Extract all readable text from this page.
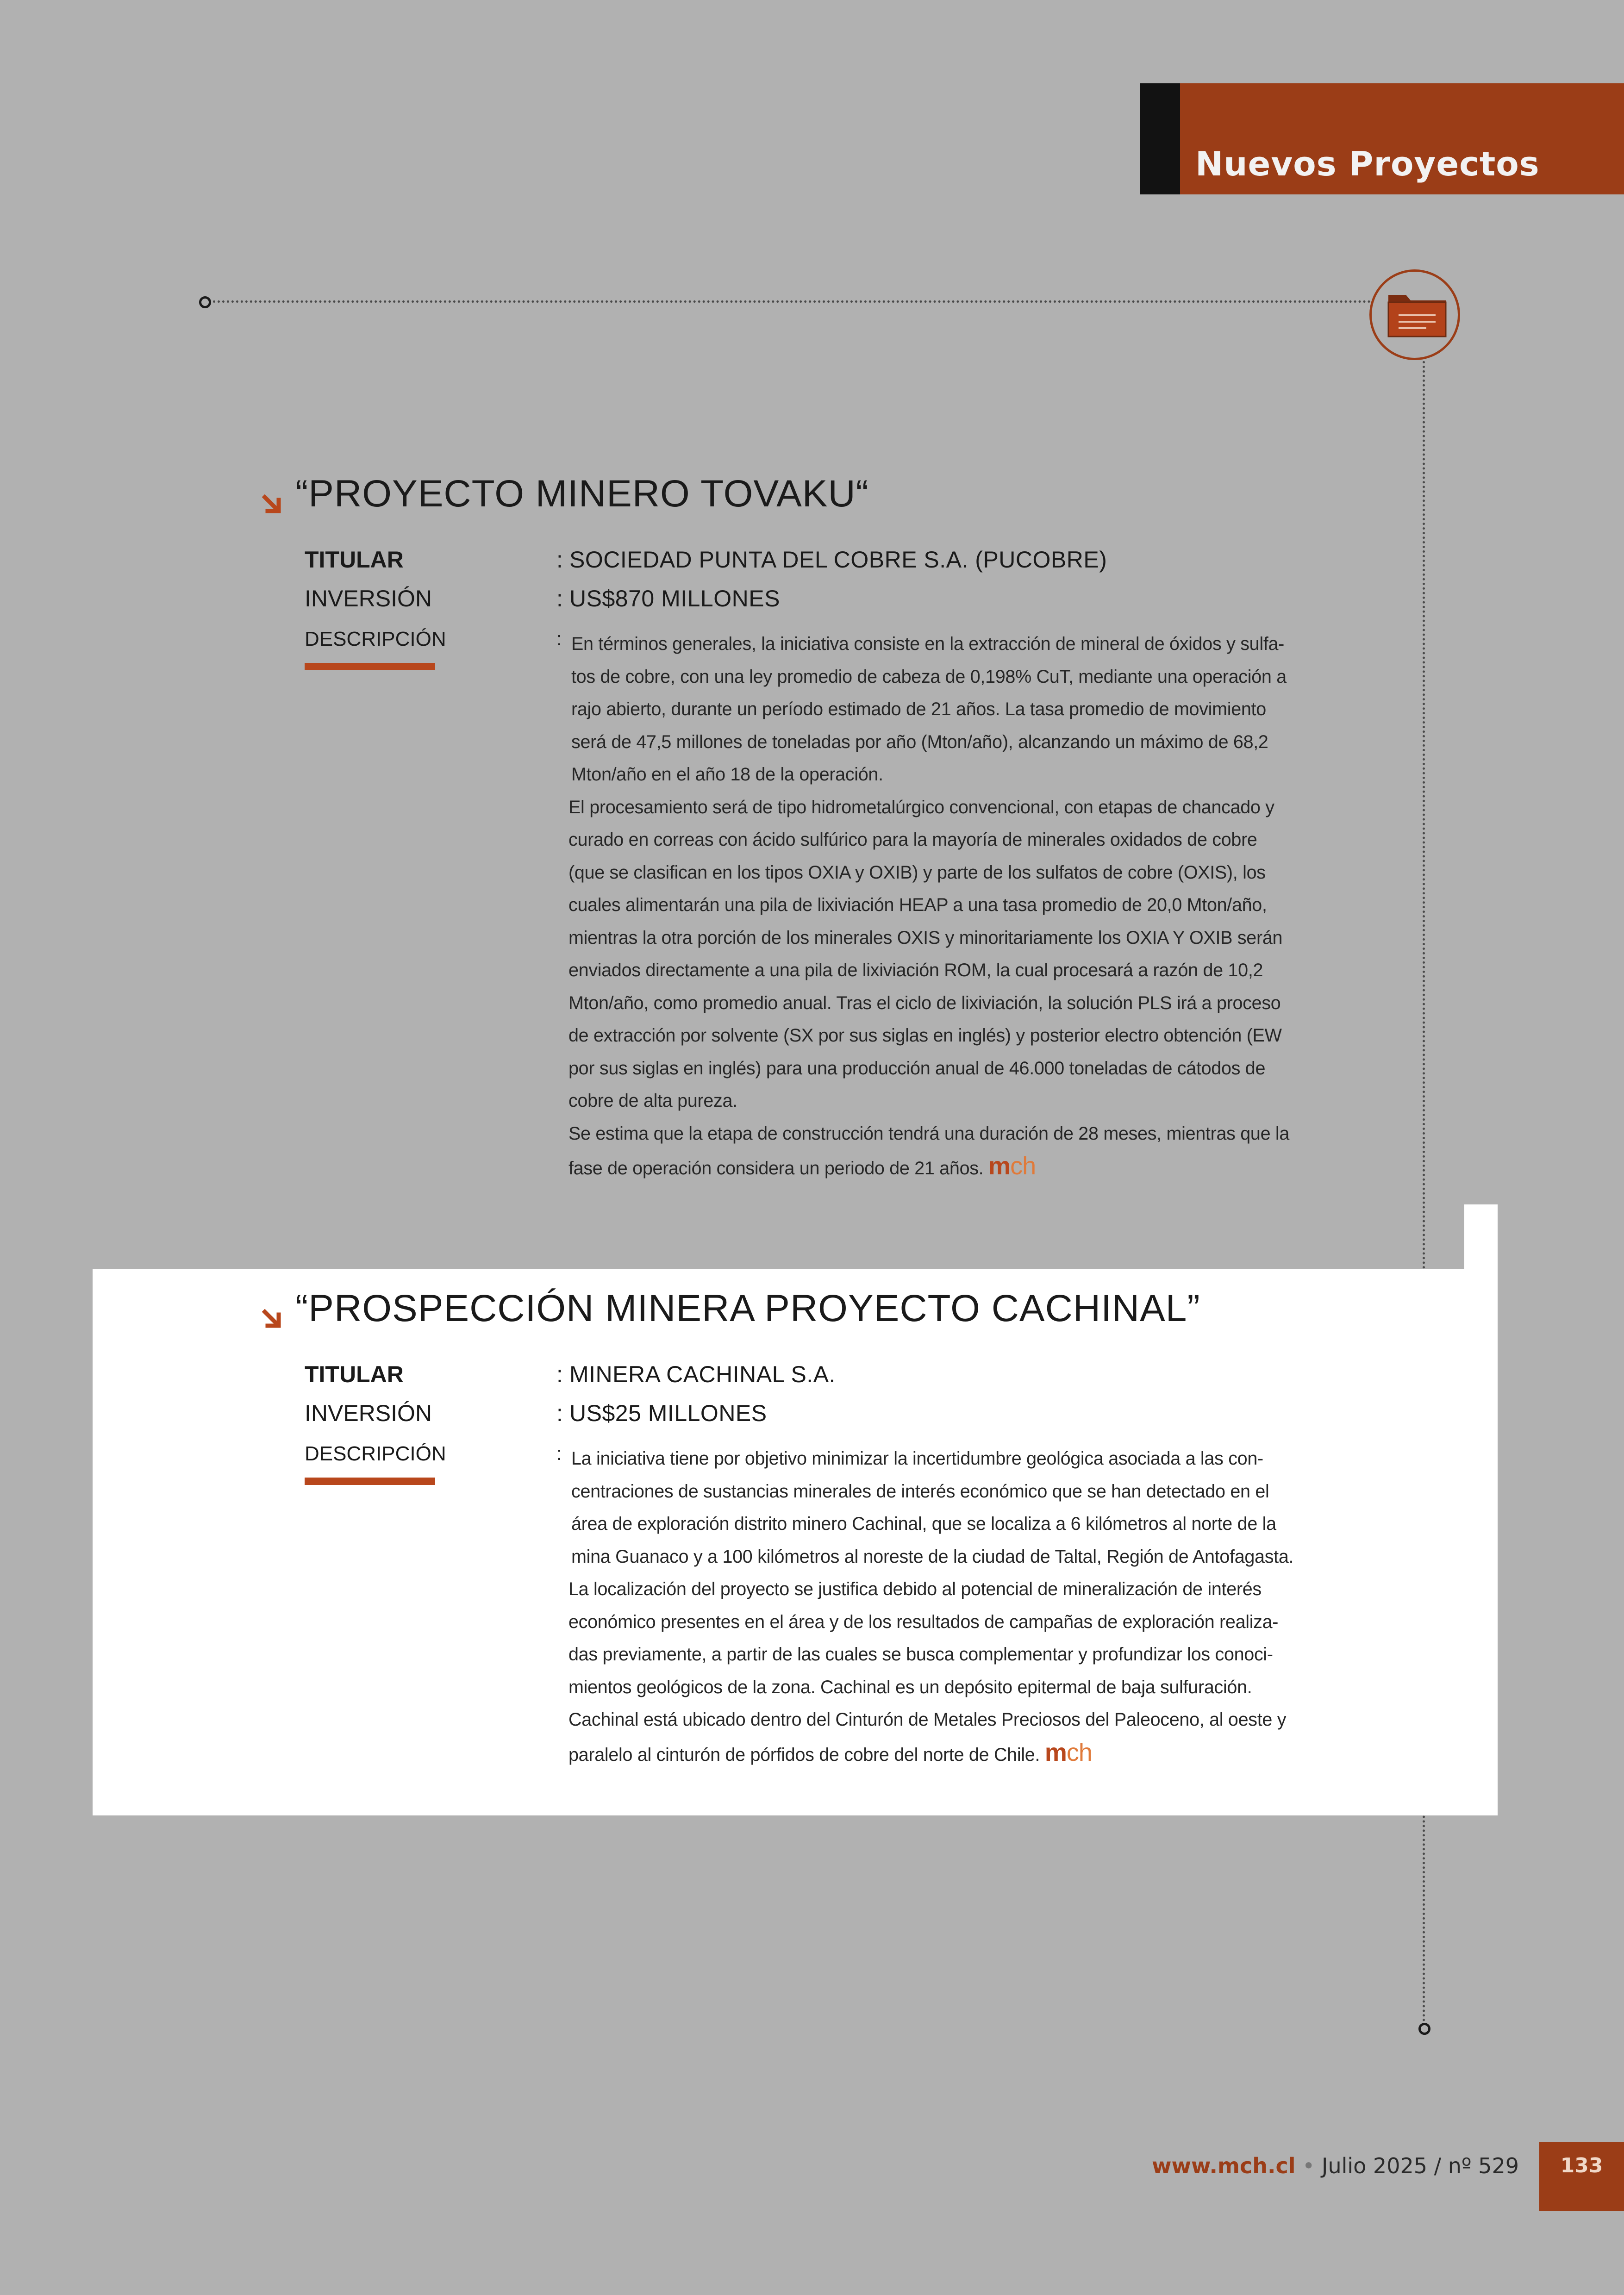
Nuevos Proyectos
“PROYECTO MINERO TOVAKU“
TITULAR	: SOCIEDAD PUNTA DEL COBRE S.A. (PUCOBRE)
INVERSIÓN	: US$870 MILLONES
DESCRIPCIÓN	: En términos generales, la iniciativa consiste en la extracción de mineral de óxidos y sulfa- tos de cobre, con una ley promedio de cabeza de 0,198% CuT, mediante una operación a rajo abierto, durante un período estimado de 21 años. La tasa promedio de movimiento será de 47,5 millones de toneladas por año (Mton/año), alcanzando un máximo de 68,2 Mton/año en el año 18 de la operación.

El procesamiento será de tipo hidrometalúrgico convencional, con etapas de chancado y curado en correas con ácido sulfúrico para la mayoría de minerales oxidados de cobre (que se clasifican en los tipos OXIA y OXIB) y parte de los sulfatos de cobre (OXIS), los cuales alimentarán una pila de lixiviación HEAP a una tasa promedio de 20,0 Mton/año, mientras la otra porción de los minerales OXIS y minoritariamente los OXIA Y OXIB serán enviados directamente a una pila de lixiviación ROM, la cual procesará a razón de 10,2 Mton/año, como promedio anual. Tras el ciclo de lixiviación, la solución PLS irá a proceso de extracción por solvente (SX por sus siglas en inglés) y posterior electro obtención (EW por sus siglas en inglés) para una producción anual de 46.000 toneladas de cátodos de cobre de alta pureza.

Se estima que la etapa de construcción tendrá una duración de 28 meses, mientras que la fase de operación considera un periodo de 21 años. mch

“PROSPECCIÓN MINERA PROYECTO CACHINAL”
TITULAR	: MINERA CACHINAL S.A.
INVERSIÓN	: US$25 MILLONES
DESCRIPCIÓN	: La iniciativa tiene por objetivo minimizar la incertidumbre geológica asociada a las con- centraciones de sustancias minerales de interés económico que se han detectado en el área de exploración distrito minero Cachinal, que se localiza a 6 kilómetros al norte de la mina Guanaco y a 100 kilómetros al noreste de la ciudad de Taltal, Región de Antofagasta.

La localización del proyecto se justifica debido al potencial de mineralización de interés económico presentes en el área y de los resultados de campañas de exploración realiza- das previamente, a partir de las cuales se busca complementar y profundizar los conoci- mientos geológicos de la zona. Cachinal es un depósito epitermal de baja sulfuración.

Cachinal está ubicado dentro del Cinturón de Metales Preciosos del Paleoceno, al oeste y paralelo al cinturón de pórfidos de cobre del norte de Chile. mch

www.mch.cl • Julio 2025 / nº 529	133
